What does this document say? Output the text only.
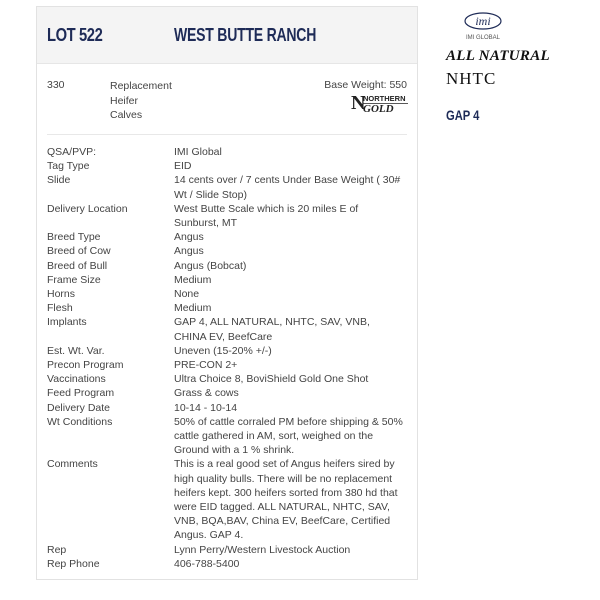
LOT 522	WEST BUTTE RANCH
330	Replacement
Heifer
Calves
Base Weight: 550
N
NORTHERN
GOLD
QSA/PVP:	IMI Global
Tag Type	EID
Slide	14 cents over / 7 cents Under Base Weight ( 30# Wt / Slide Stop)
Delivery Location	West Butte Scale which is 20 miles E of Sunburst, MT
Breed Type	Angus
Breed of Cow	Angus
Breed of Bull	Angus (Bobcat)
Frame Size	Medium
Horns	None
Flesh	Medium
Implants	GAP 4, ALL NATURAL, NHTC, SAV, VNB, CHINA EV, BeefCare
Est. Wt. Var.	Uneven (15-20% +/-)
Precon Program	PRE-CON 2+
Vaccinations	Ultra Choice 8, BoviShield Gold One Shot
Feed Program	Grass & cows
Delivery Date	10-14 - 10-14
Wt Conditions	50% of cattle corraled PM before shipping & 50% cattle gathered in AM, sort, weighed on the Ground with a 1 % shrink.
Comments	This is a real good set of Angus heifers sired by high quality bulls. There will be no replacement heifers kept. 300 heifers sorted from 380 hd that were EID tagged. ALL NATURAL, NHTC, SAV, VNB, BQA,BAV, China EV, BeefCare, Certified Angus. GAP 4.
Rep	Lynn Perry/Western Livestock Auction
Rep Phone	406-788-5400
imi
IMI GLOBAL
ALL NATURAL
NHTC
GAP 4
